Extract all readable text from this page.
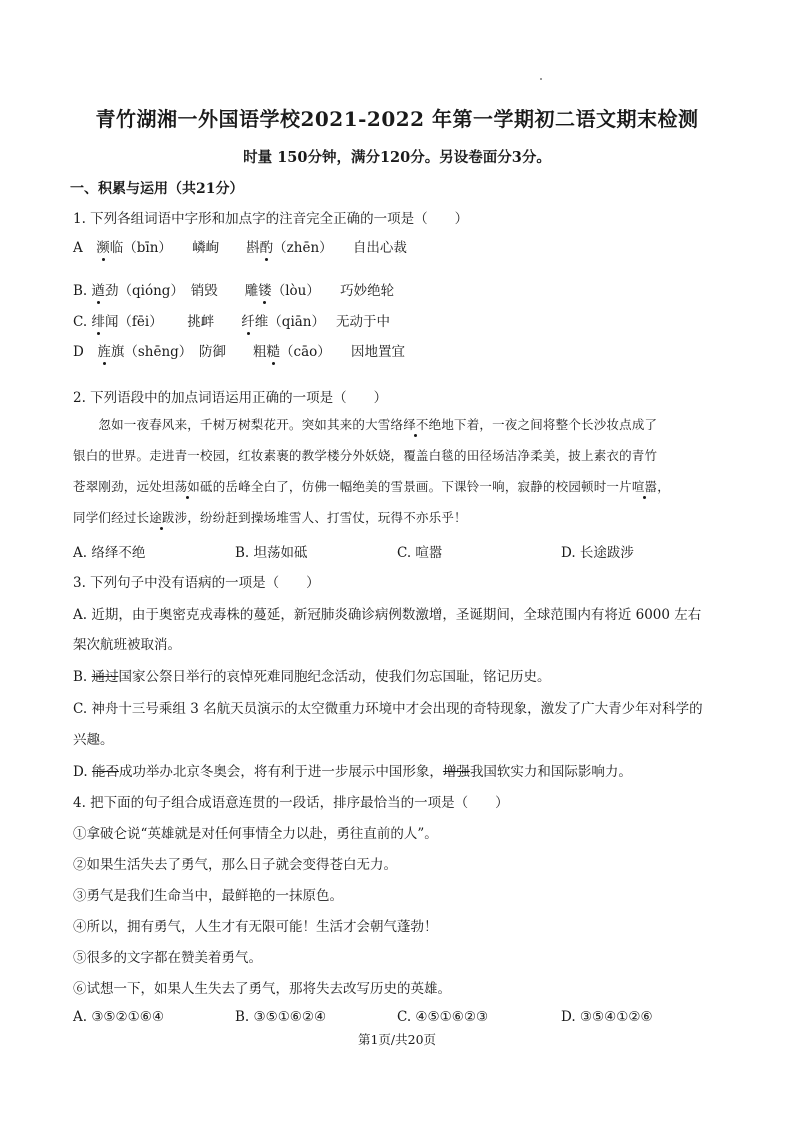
青竹湖湘一外国语学校2021-2022 年第一学期初二语文期末检测
时量 150分钟，满分120分。另设卷面分3分。
一、积累与运用（共21分）
1. 下列各组词语中字形和加点字的注音完全正确的一项是（　　）
A　濒临（bīn）　　嶙峋　　斟酌（zhēn）　　自出心裁
B. 遒劲（qióng）　销毁　　雕镂（lòu）　　巧妙绝轮
C. 绯闻（fēi）　　 挑衅　　纤维（qiān）　 无动于中
D　旌旗（shēng）　防御　　粗糙（cāo）　　因地置宜
2. 下列语段中的加点词语运用正确的一项是（　　）
　　忽如一夜春风来，千树万树梨花开。突如其来的大雪络绎不绝地下着，一夜之间将整个长沙妆点成了
银白的世界。走进青一校园，红妆素裹的教学楼分外妖娆，覆盖白毯的田径场洁净柔美，披上素衣的青竹
苍翠刚劲，远处坦荡如砥的岳峰全白了，仿佛一幅绝美的雪景画。下课铃一响，寂静的校园顿时一片喧嚣，
同学们经过长途跋涉，纷纷赶到操场堆雪人、打雪仗，玩得不亦乐乎！
A. 络绎不绝	B. 坦荡如砥	C. 喧嚣	D. 长途跋涉
3. 下列句子中没有语病的一项是（　　）
A. 近期，由于奥密克戎毒株的蔓延，新冠肺炎确诊病例数激增，圣诞期间，全球范围内有将近 6000 左右
架次航班被取消。
B. 通过国家公祭日举行的哀悼死难同胞纪念活动，使我们勿忘国耻，铭记历史。
C. 神舟十三号乘组 3 名航天员演示的太空微重力环境中才会出现的奇特现象，激发了广大青少年对科学的
兴趣。
D. 能否成功举办北京冬奥会，将有利于进一步展示中国形象，增强我国软实力和国际影响力。
4. 把下面的句子组合成语意连贯的一段话，排序最恰当的一项是（　　）
①拿破仑说“英雄就是对任何事情全力以赴，勇往直前的人”。
②如果生活失去了勇气，那么日子就会变得苍白无力。
③勇气是我们生命当中，最鲜艳的一抹原色。
④所以，拥有勇气，人生才有无限可能！生活才会朝气蓬勃！
⑤很多的文字都在赞美着勇气。
⑥试想一下，如果人生失去了勇气，那将失去改写历史的英雄。
A. ③⑤②①⑥④	B. ③⑤①⑥②④	C. ④⑤①⑥②③	D. ③⑤④①②⑥
第1页/共20页
